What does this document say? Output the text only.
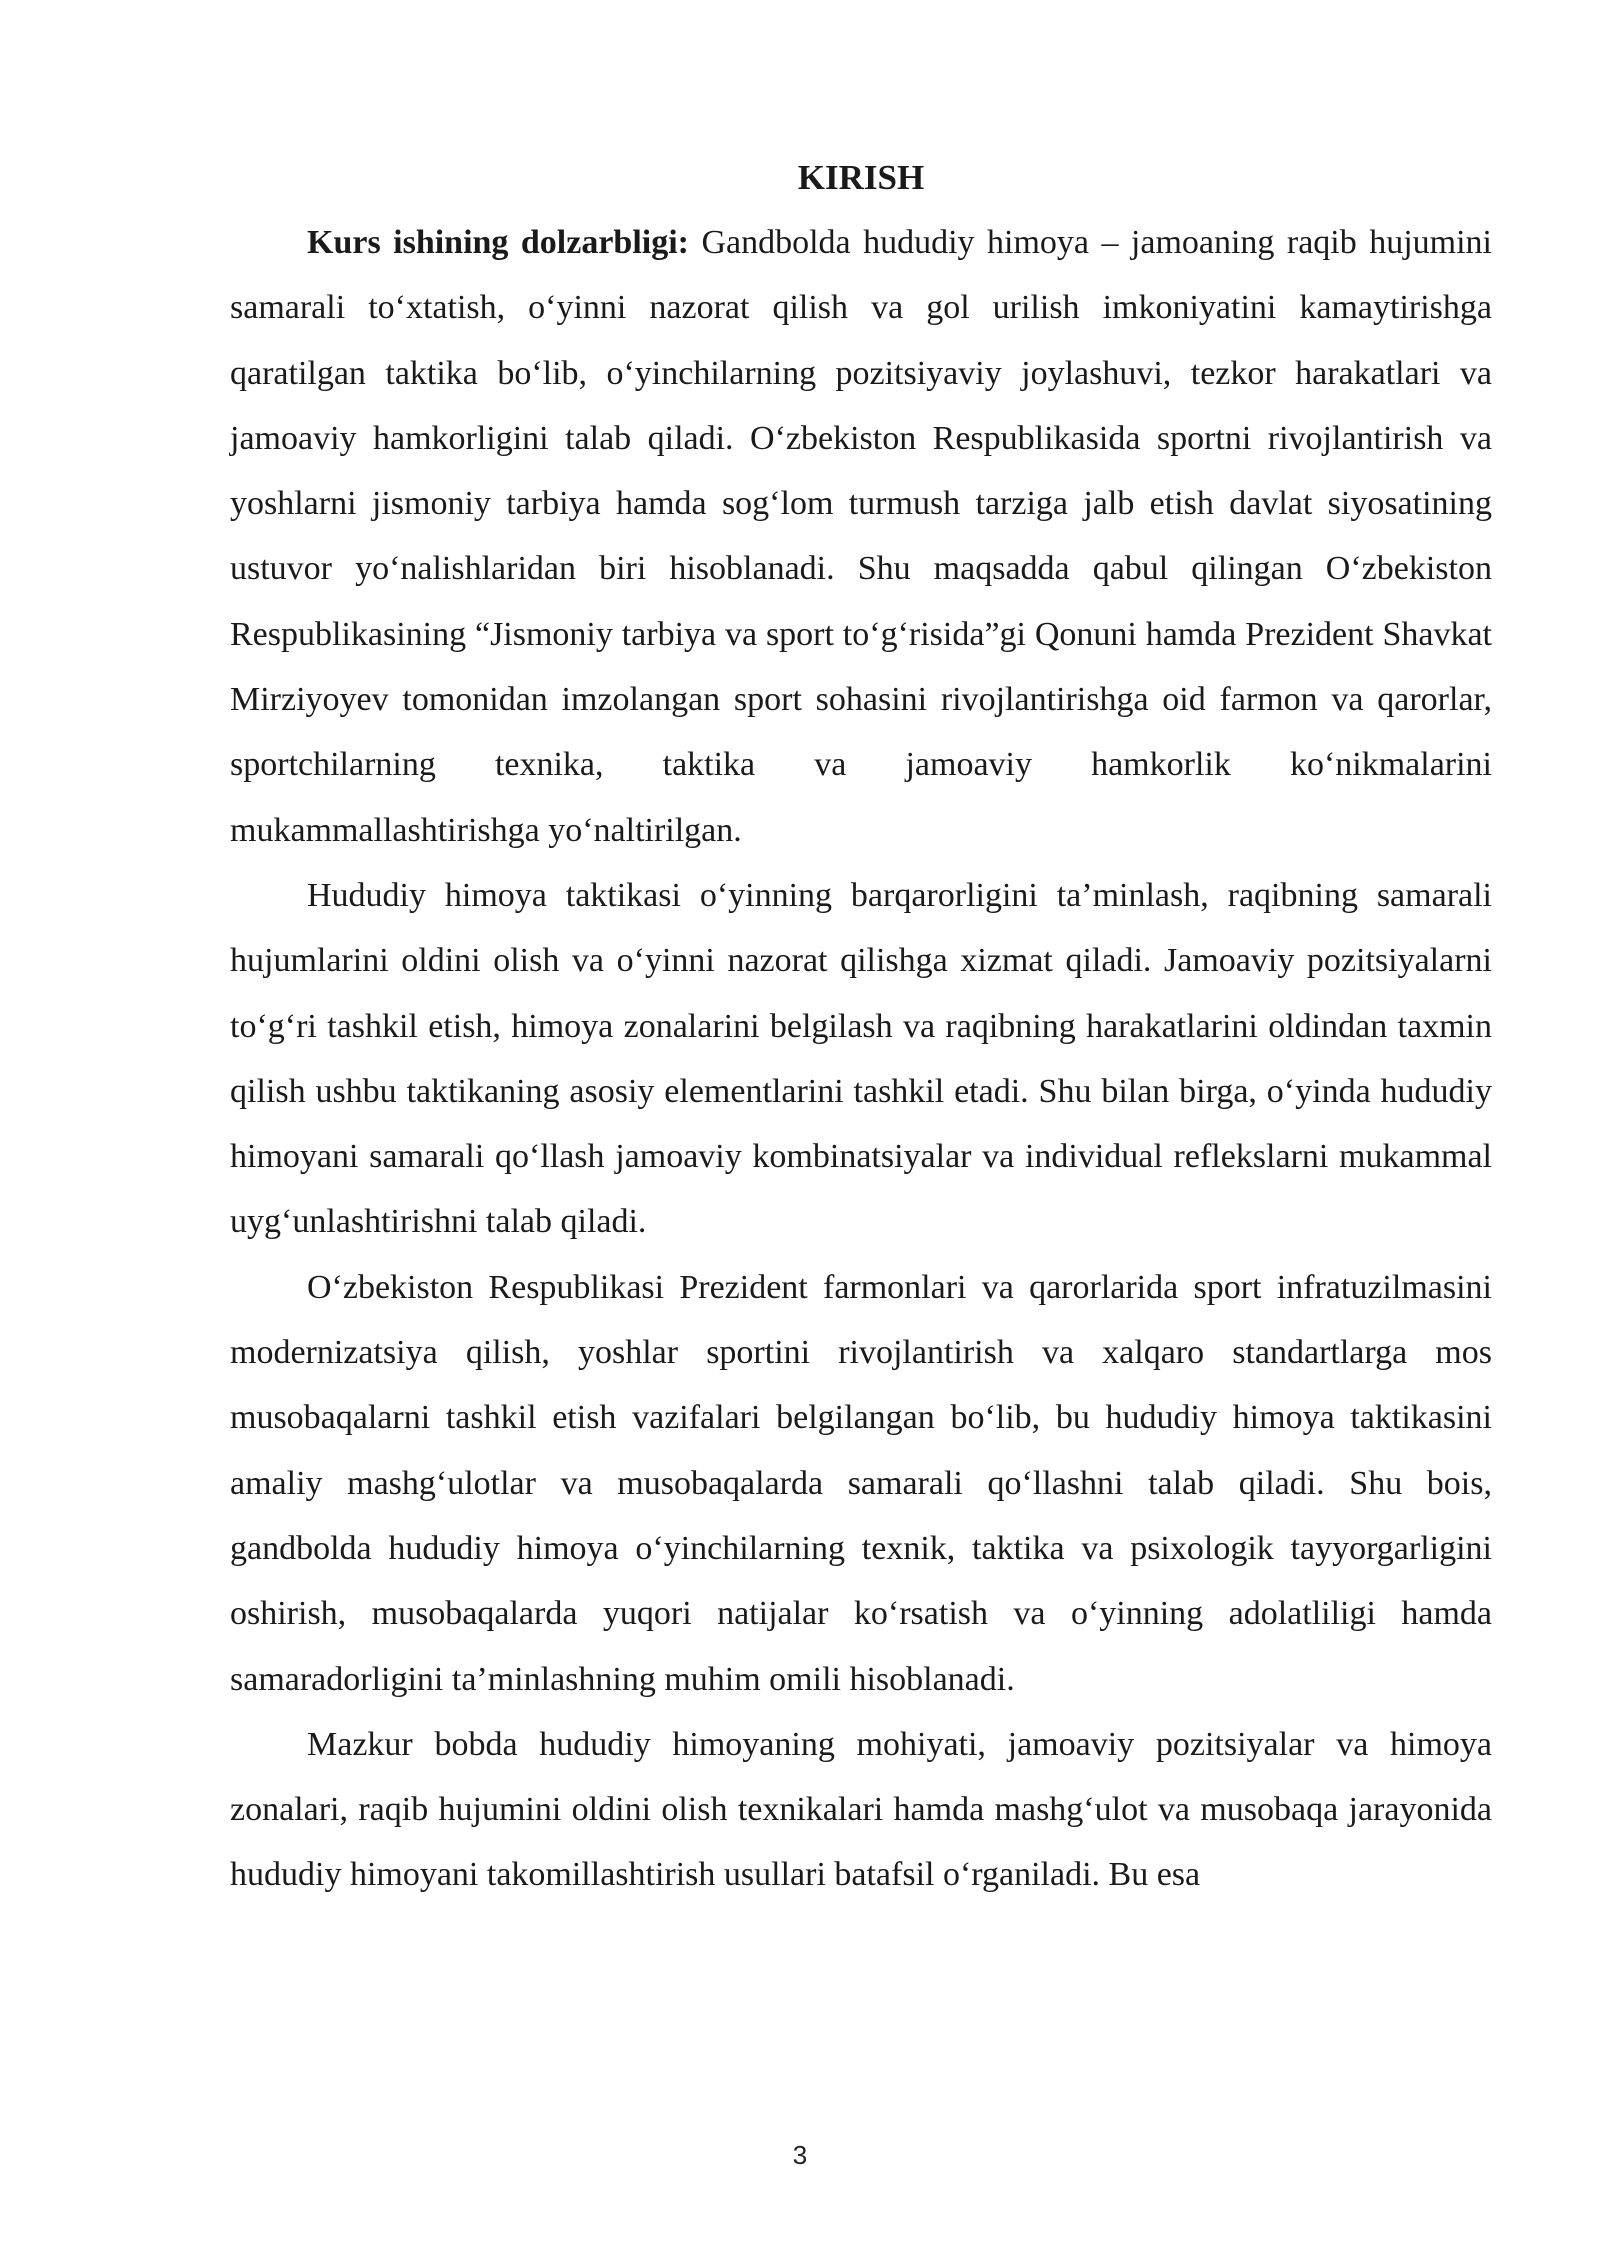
KIRISH

Kurs ishining dolzarbligi: Gandbolda hududiy himoya – jamoaning raqib hujumini samarali to‘xtatish, o‘yinni nazorat qilish va gol urilish imkoniyatini kamaytirishga qaratilgan taktika bo‘lib, o‘yinchilarning pozitsiyaviy joylashuvi, tezkor harakatlari va jamoaviy hamkorligini talab qiladi. O‘zbekiston Respublikasida sportni rivojlantirish va yoshlarni jismoniy tarbiya hamda sog‘lom turmush tarziga jalb etish davlat siyosatining ustuvor yo‘nalishlaridan biri hisoblanadi. Shu maqsadda qabul qilingan O‘zbekiston Respublikasining “Jismoniy tarbiya va sport to‘g‘risida”gi Qonuni hamda Prezident Shavkat Mirziyoyev tomonidan imzolangan sport sohasini rivojlantirishga oid farmon va qarorlar, sportchilarning texnika, taktika va jamoaviy hamkorlik ko‘nikmalarini mukammallashtirishga yo‘naltirilgan.

Hududiy himoya taktikasi o‘yinning barqarorligini ta’minlash, raqibning samarali hujumlarini oldini olish va o‘yinni nazorat qilishga xizmat qiladi. Jamoaviy pozitsiyalarni to‘g‘ri tashkil etish, himoya zonalarini belgilash va raqibning harakatlarini oldindan taxmin qilish ushbu taktikaning asosiy elementlarini tashkil etadi. Shu bilan birga, o‘yinda hududiy himoyani samarali qo‘llash jamoaviy kombinatsiyalar va individual reflekslarni mukammal uyg‘unlashtirishni talab qiladi.

O‘zbekiston Respublikasi Prezident farmonlari va qarorlarida sport infratuzilmasini modernizatsiya qilish, yoshlar sportini rivojlantirish va xalqaro standartlarga mos musobaqalarni tashkil etish vazifalari belgilangan bo‘lib, bu hududiy himoya taktikasini amaliy mashg‘ulotlar va musobaqalarda samarali qo‘llashni talab qiladi. Shu bois, gandbolda hududiy himoya o‘yinchilarning texnik, taktika va psixologik tayyorgarligini oshirish, musobaqalarda yuqori natijalar ko‘rsatish va o‘yinning adolatliligi hamda samaradorligini ta’minlashning muhim omili hisoblanadi.

Mazkur bobda hududiy himoyaning mohiyati, jamoaviy pozitsiyalar va himoya zonalari, raqib hujumini oldini olish texnikalari hamda mashg‘ulot va musobaqa jarayonida hududiy himoyani takomillashtirish usullari batafsil o‘rganiladi. Bu esa

3
